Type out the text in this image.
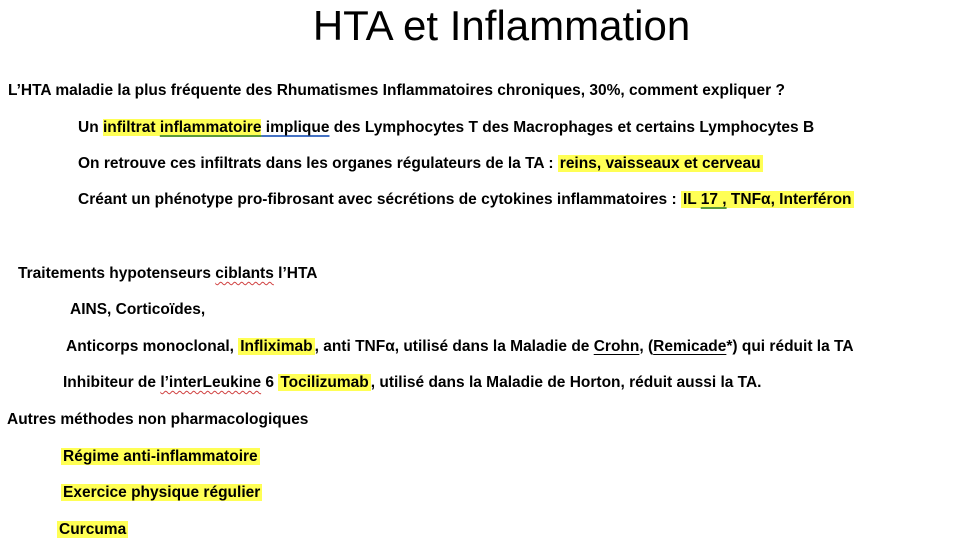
HTA et Inflammation
L’HTA maladie la plus fréquente des Rhumatismes Inflammatoires chroniques, 30%, comment expliquer ?
Un infiltrat inflammatoire implique des Lymphocytes T des Macrophages et certains Lymphocytes B
On retrouve ces infiltrats dans les organes régulateurs de la TA : reins, vaisseaux et cerveau
Créant un phénotype pro-fibrosant avec sécrétions de cytokines inflammatoires : IL 17 , TNFα, Interféron
Traitements hypotenseurs ciblants l’HTA
AINS, Corticoïdes,
Anticorps monoclonal, Infliximab , anti TNFα, utilisé dans la Maladie de Crohn, (Remicade*) qui réduit la TA
Inhibiteur de l’interLeukine 6 Tocilizumab , utilisé dans la Maladie de Horton, réduit aussi la TA.
Autres méthodes non pharmacologiques
Régime anti-inflammatoire
Exercice physique régulier
Curcuma
